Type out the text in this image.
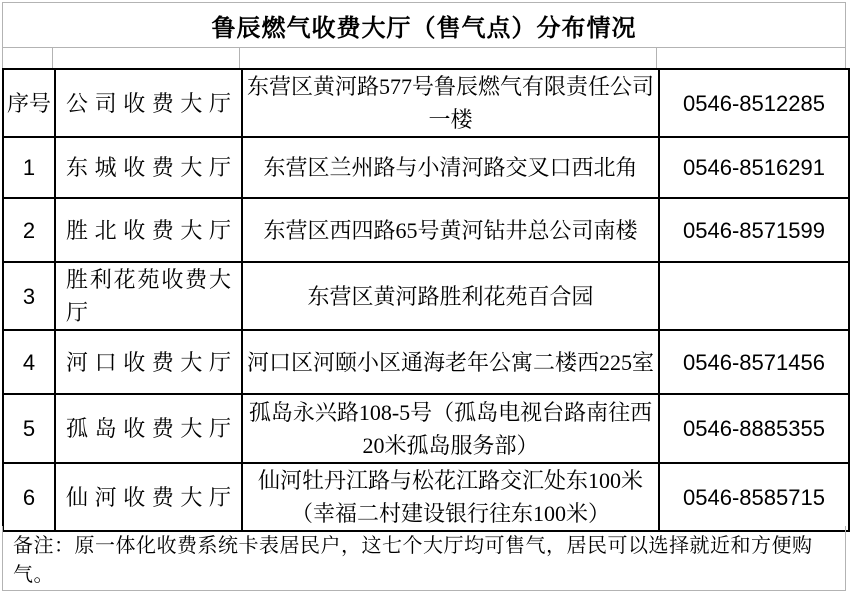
鲁辰燃气收费大厅（售气点）分布情况
序号	公司收费大厅	东营区黄河路577号鲁辰燃气有限责任公司一楼	0546-8512285
1	东城收费大厅	东营区兰州路与小清河路交叉口西北角	0546-8516291
2	胜北收费大厅	东营区西四路65号黄河钻井总公司南楼	0546-8571599
3	胜利花苑收费大厅	东营区黄河路胜利花苑百合园	
4	河口收费大厅	河口区河颐小区通海老年公寓二楼西225室	0546-8571456
5	孤岛收费大厅	孤岛永兴路108-5号（孤岛电视台路南往西20米孤岛服务部）	0546-8885355
6	仙河收费大厅	仙河牡丹江路与松花江路交汇处东100米（幸福二村建设银行往东100米）	0546-8585715
备注：原一体化收费系统卡表居民户，这七个大厅均可售气，居民可以选择就近和方便购气。
